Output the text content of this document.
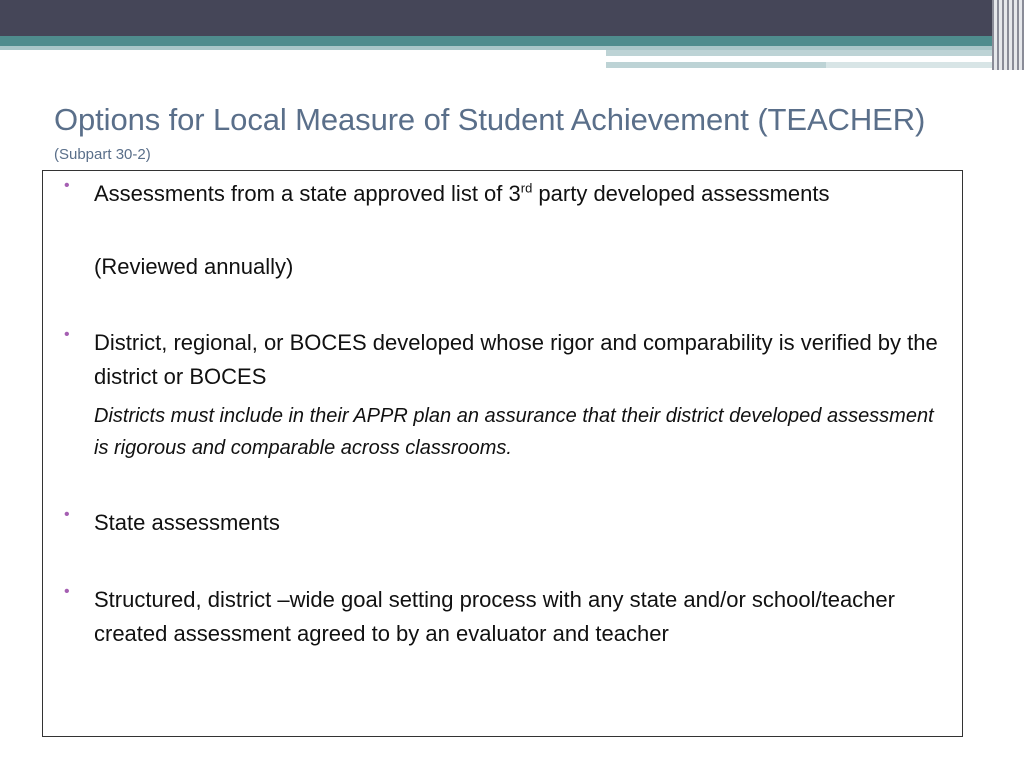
Options for Local Measure of Student Achievement (TEACHER)
(Subpart 30-2)
• Assessments from a state approved list of 3rd party developed assessments
(Reviewed annually)
• District, regional, or BOCES developed whose rigor and comparability is verified by the district or BOCES
Districts must include in their APPR plan an assurance that their district developed assessment is rigorous and comparable across classrooms.
• State assessments
• Structured, district –wide goal setting process with any state and/or school/teacher created assessment agreed to by an evaluator and teacher
